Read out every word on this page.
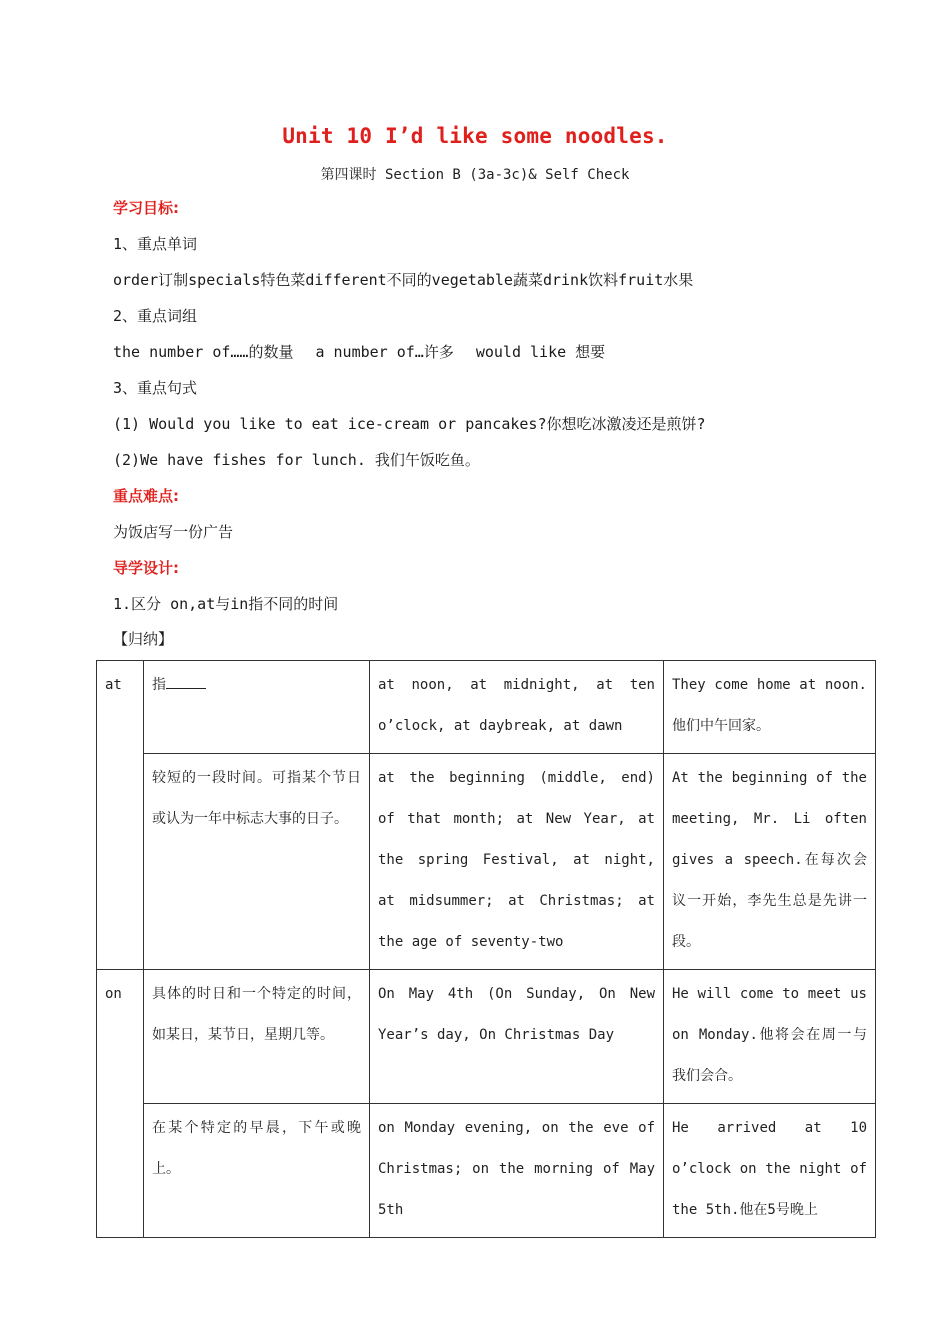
Unit 10 I’d like some noodles.
第四课时 Section B (3a-3c)& Self Check
学习目标:
1、重点单词
order订制specials特色菜different不同的vegetable蔬菜drink饮料fruit水果
2、重点词组
the number of……的数量 a number of…许多 would like 想要
3、重点句式
(1) Would you like to eat ice-cream or pancakes?你想吃冰激凌还是煎饼?
(2)We have fishes for lunch. 我们午饭吃鱼。
重点难点:
为饭店写一份广告
导学设计:
1.区分 on,at与in指不同的时间
【归纳】
at	指	at noon, at midnight, at ten o’clock, at daybreak, at dawn	They come home at noon. 他们中午回家。
	较短的一段时间。可指某个节日或认为一年中标志大事的日子。	at the beginning (middle, end) of that month; at New Year, at the spring Festival, at night, at midsummer; at Christmas; at the age of seventy-two	At the beginning of the meeting, Mr. Li often gives a speech.在每次会议一开始，李先生总是先讲一段。
on	具体的时日和一个特定的时间，如某日，某节日，星期几等。	On May 4th (On Sunday, On New Year’s day, On Christmas Day	He will come to meet us on Monday.他将会在周一与我们会合。
	在某个特定的早晨，下午或晚上。	on Monday evening, on the eve of Christmas; on the morning of May 5th	He arrived at 10 o’clock on the night of the 5th.他在5号晚上
